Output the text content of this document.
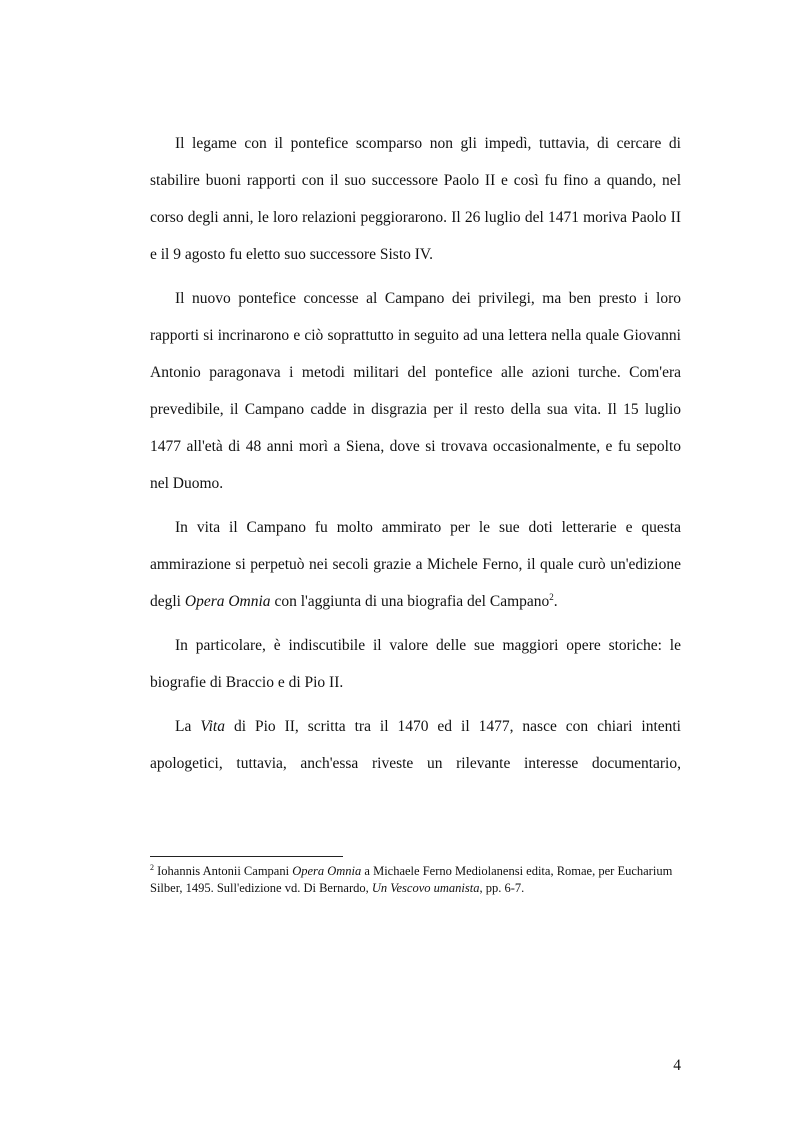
Il legame con il pontefice scomparso non gli impedì, tuttavia, di cercare di stabilire buoni rapporti con il suo successore Paolo II e così fu fino a quando, nel corso degli anni, le loro relazioni peggiorarono. Il 26 luglio del 1471 moriva Paolo II e il 9 agosto fu eletto suo successore Sisto IV.

Il nuovo pontefice concesse al Campano dei privilegi, ma ben presto i loro rapporti si incrinarono e ciò soprattutto in seguito ad una lettera nella quale Giovanni Antonio paragonava i metodi militari del pontefice alle azioni turche. Com'era prevedibile, il Campano cadde in disgrazia per il resto della sua vita. Il 15 luglio 1477 all'età di 48 anni morì a Siena, dove si trovava occasionalmente, e fu sepolto nel Duomo.

In vita il Campano fu molto ammirato per le sue doti letterarie e questa ammirazione si perpetuò nei secoli grazie a Michele Ferno, il quale curò un'edizione degli Opera Omnia con l'aggiunta di una biografia del Campano$^2$.

In particolare, è indiscutibile il valore delle sue maggiori opere storiche: le biografie di Braccio e di Pio II.

La Vita di Pio II, scritta tra il 1470 ed il 1477, nasce con chiari intenti apologetici, tuttavia, anch'essa riveste un rilevante interesse documentario,

$^2$ Iohannis Antonii Campani Opera Omnia a Michaele Ferno Mediolanensi edita, Romae, per Eucharium Silber, 1495. Sull'edizione vd. Di Bernardo, Un Vescovo umanista, pp. 6-7.
4
